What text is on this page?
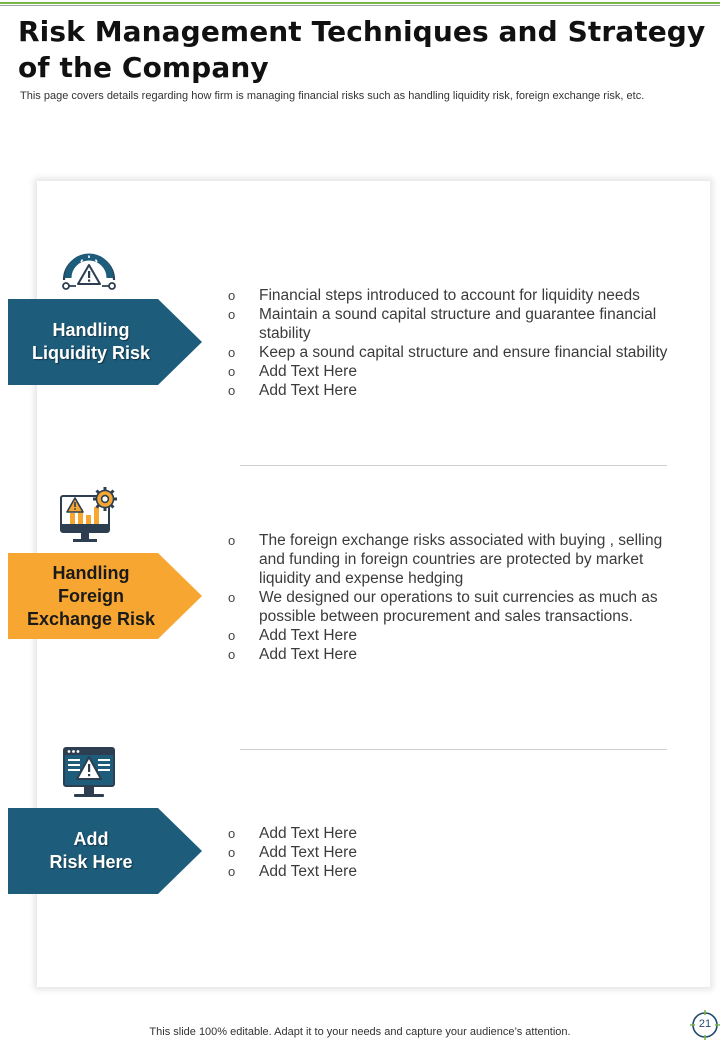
Risk Management Techniques and Strategy of the Company

This page covers details regarding how firm is managing financial risks such as handling liquidity risk, foreign exchange risk, etc.

Handling
Liquidity Risk
o	Financial steps introduced to account for liquidity needs
o	Maintain a sound capital structure and guarantee financial stability
o	Keep a sound capital structure and ensure financial stability
o	Add Text Here
o	Add Text Here
Handling
Foreign
Exchange Risk
o	The foreign exchange risks associated with buying , selling and funding in foreign countries are protected by market liquidity and expense hedging
o	We designed our operations to suit currencies as much as possible between procurement and sales transactions.
o	Add Text Here
o	Add Text Here
Add
Risk Here
o	Add Text Here
o	Add Text Here
o	Add Text Here

This slide 100% editable. Adapt it to your needs and capture your audience’s attention.

21
